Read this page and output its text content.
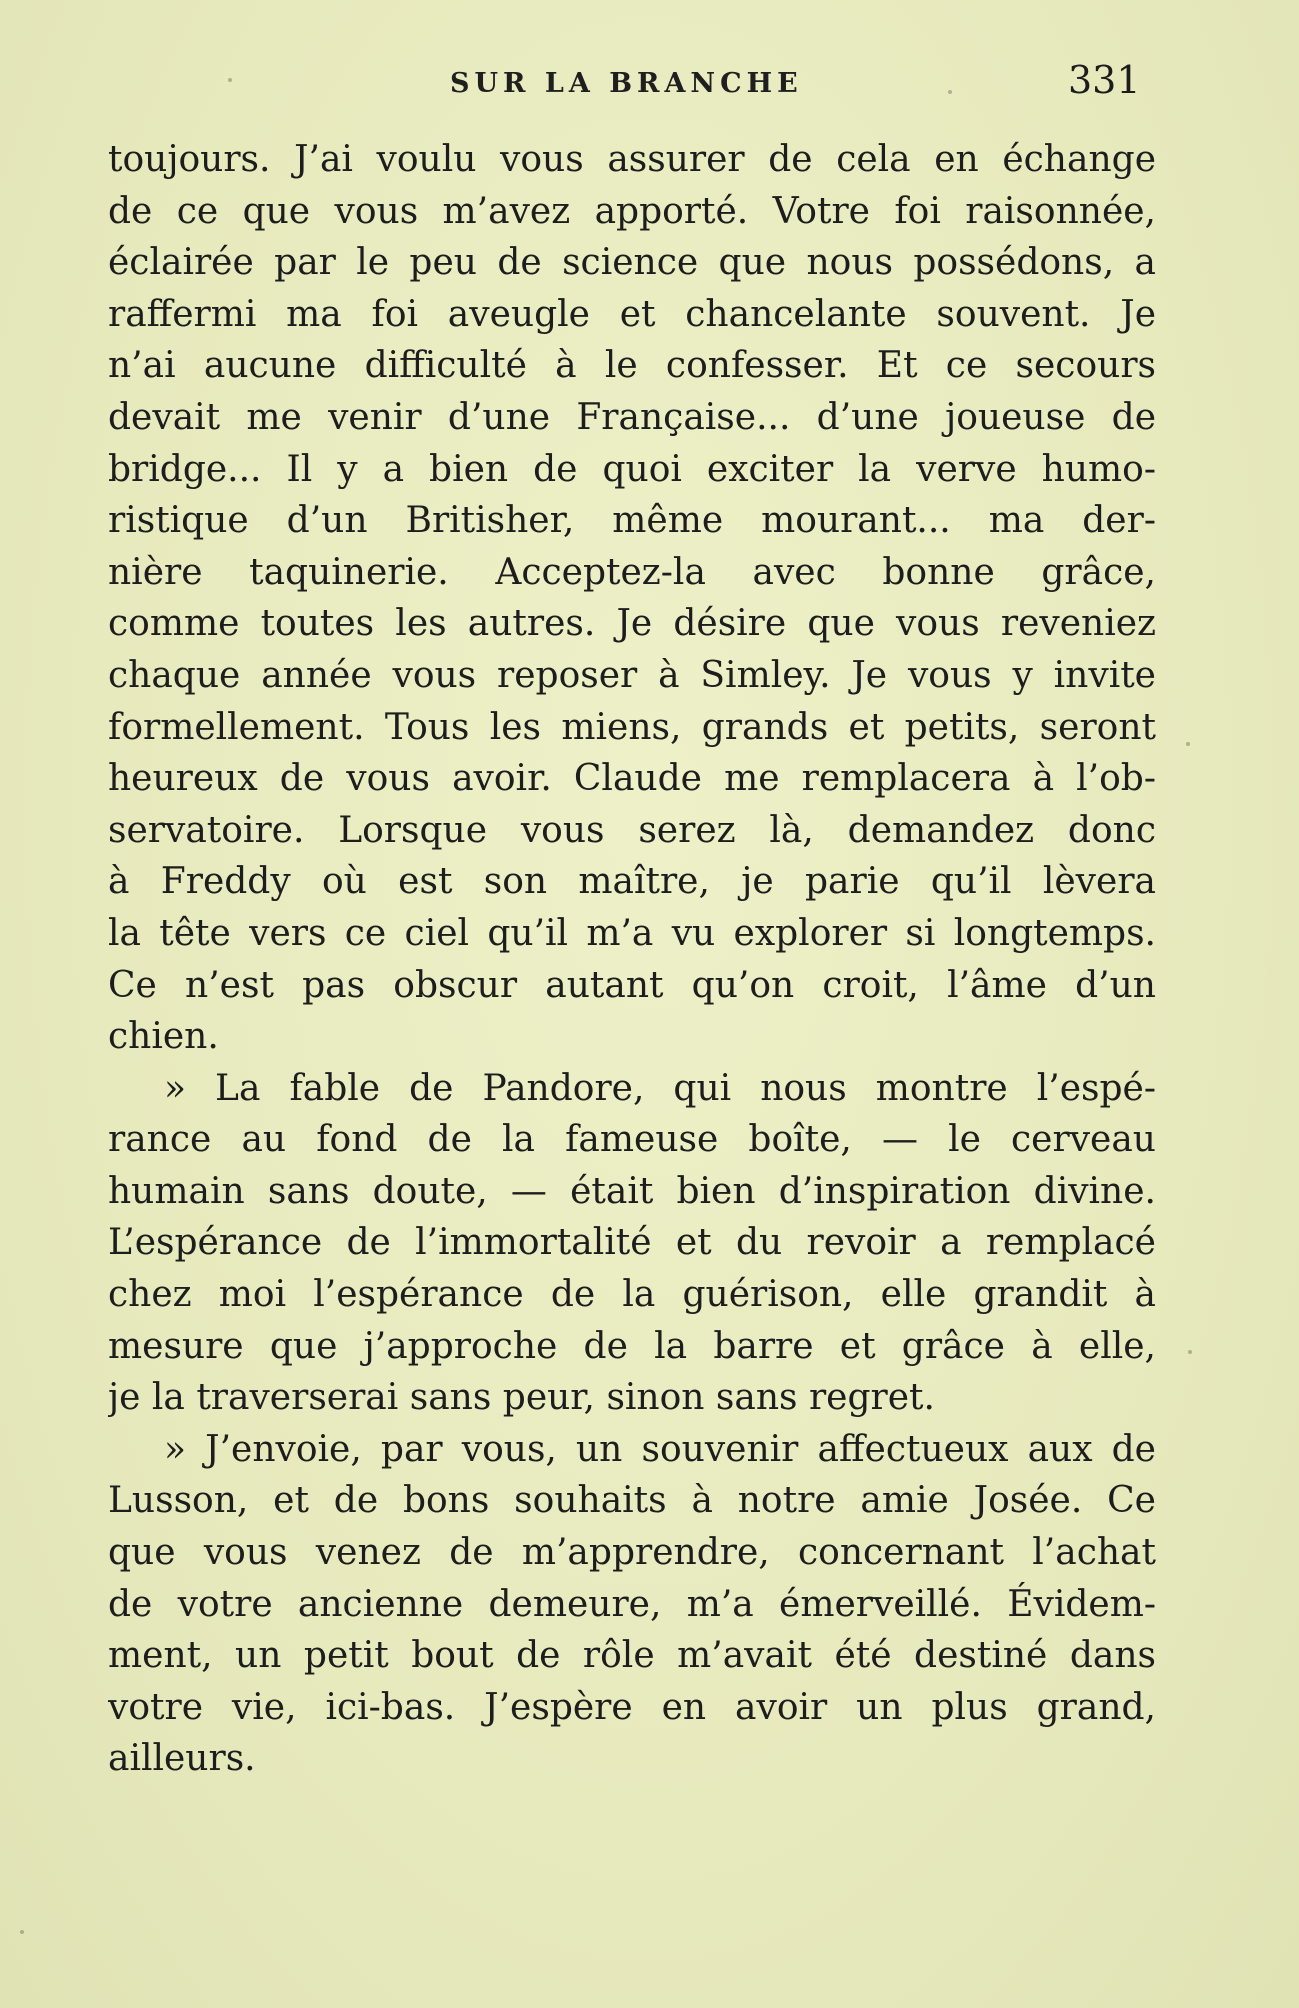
SUR LA BRANCHE	331
toujours. J’ai voulu vous assurer de cela en échange
de ce que vous m’avez apporté. Votre foi raisonnée,
éclairée par le peu de science que nous possédons, a
raffermi ma foi aveugle et chancelante souvent. Je
n’ai aucune difficulté à le confesser. Et ce secours
devait me venir d’une Française... d’une joueuse de
bridge... Il y a bien de quoi exciter la verve humo-
ristique d’un Britisher, même mourant... ma der-
nière taquinerie. Acceptez-la avec bonne grâce,
comme toutes les autres. Je désire que vous reveniez
chaque année vous reposer à Simley. Je vous y invite
formellement. Tous les miens, grands et petits, seront
heureux de vous avoir. Claude me remplacera à l’ob-
servatoire. Lorsque vous serez là, demandez donc
à Freddy où est son maître, je parie qu’il lèvera
la tête vers ce ciel qu’il m’a vu explorer si longtemps.
Ce n’est pas obscur autant qu’on croit, l’âme d’un
chien.
» La fable de Pandore, qui nous montre l’espé-
rance au fond de la fameuse boîte, — le cerveau
humain sans doute, — était bien d’inspiration divine.
L’espérance de l’immortalité et du revoir a remplacé
chez moi l’espérance de la guérison, elle grandit à
mesure que j’approche de la barre et grâce à elle,
je la traverserai sans peur, sinon sans regret.
» J’envoie, par vous, un souvenir affectueux aux de
Lusson, et de bons souhaits à notre amie Josée. Ce
que vous venez de m’apprendre, concernant l’achat
de votre ancienne demeure, m’a émerveillé. Évidem-
ment, un petit bout de rôle m’avait été destiné dans
votre vie, ici-bas. J’espère en avoir un plus grand,
ailleurs.
